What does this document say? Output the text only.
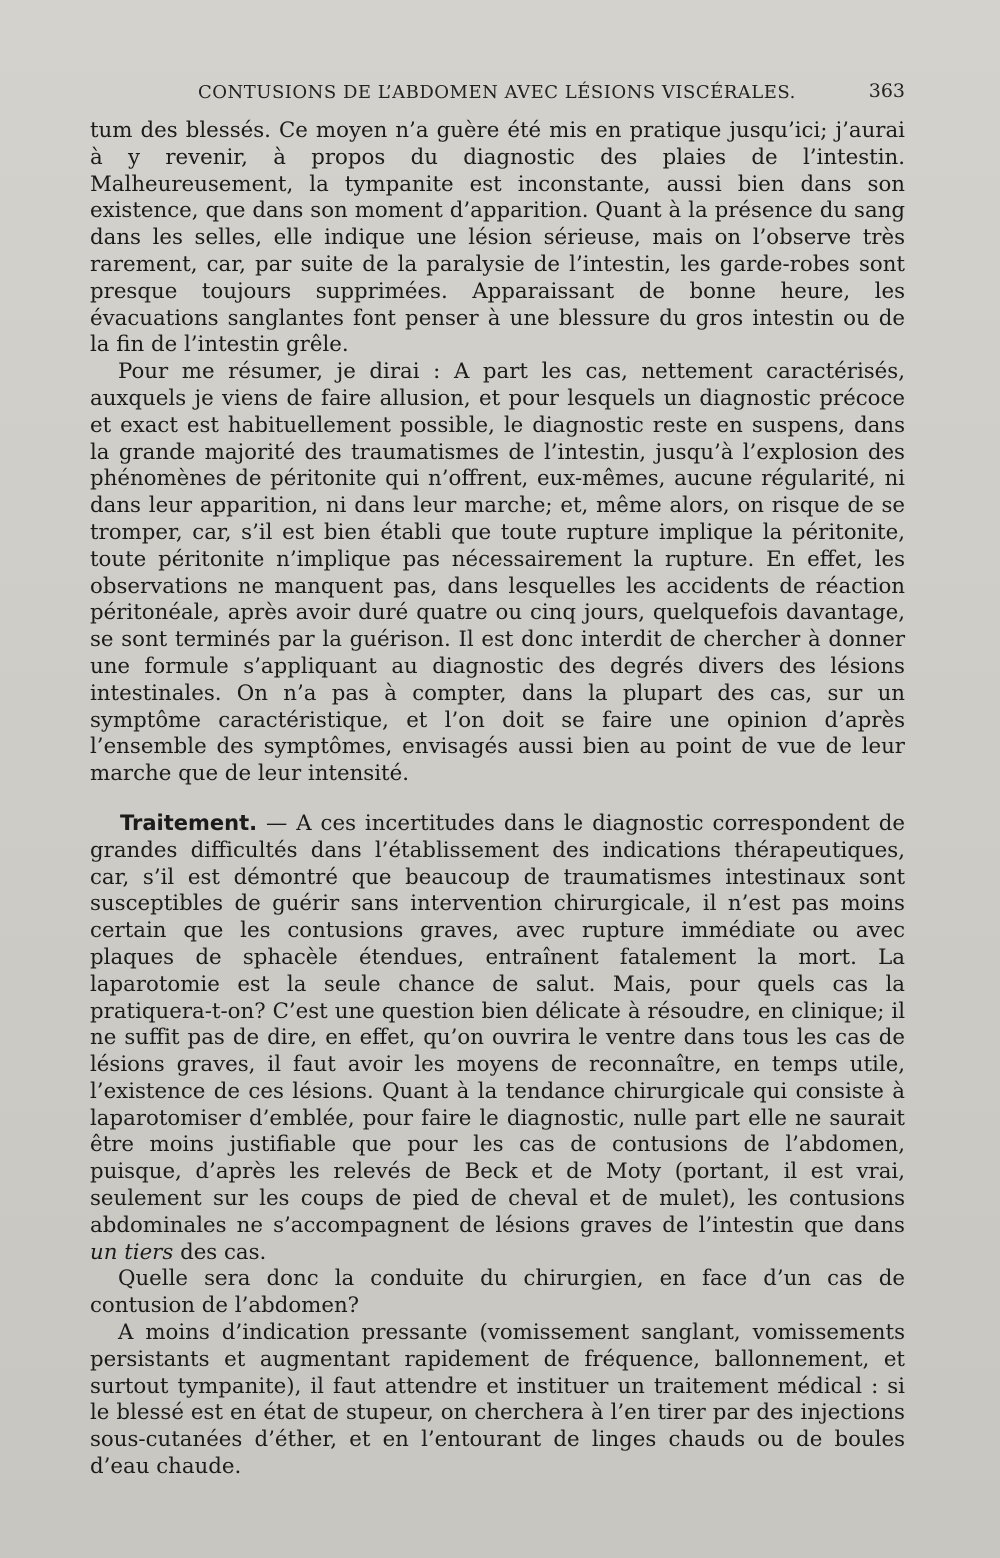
CONTUSIONS DE L’ABDOMEN AVEC LÉSIONS VISCÉRALES.	363

tum des blessés. Ce moyen n’a guère été mis en pratique jusqu’ici; j’aurai à y revenir, à propos du diagnostic des plaies de l’intestin. Malheureusement, la tympanite est inconstante, aussi bien dans son existence, que dans son moment d’apparition. Quant à la présence du sang dans les selles, elle indique une lésion sérieuse, mais on l’observe très rarement, car, par suite de la paralysie de l’intestin, les garde-robes sont presque toujours supprimées. Apparaissant de bonne heure, les évacuations sanglantes font penser à une blessure du gros intestin ou de la fin de l’intestin grêle.

Pour me résumer, je dirai : A part les cas, nettement caractérisés, auxquels je viens de faire allusion, et pour lesquels un diagnostic précoce et exact est habituellement possible, le diagnostic reste en suspens, dans la grande majorité des traumatismes de l’intestin, jusqu’à l’explosion des phénomènes de péritonite qui n’offrent, eux-mêmes, aucune régularité, ni dans leur apparition, ni dans leur marche; et, même alors, on risque de se tromper, car, s’il est bien établi que toute rupture implique la péritonite, toute péritonite n’implique pas nécessairement la rupture. En effet, les observations ne manquent pas, dans lesquelles les accidents de réaction péritonéale, après avoir duré quatre ou cinq jours, quelquefois davantage, se sont terminés par la guérison. Il est donc interdit de chercher à donner une formule s’appliquant au diagnostic des degrés divers des lésions intestinales. On n’a pas à compter, dans la plupart des cas, sur un symptôme caractéristique, et l’on doit se faire une opinion d’après l’ensemble des symptômes, envisagés aussi bien au point de vue de leur marche que de leur intensité.

Traitement. — A ces incertitudes dans le diagnostic correspondent de grandes difficultés dans l’établissement des indications thérapeutiques, car, s’il est démontré que beaucoup de traumatismes intestinaux sont susceptibles de guérir sans intervention chirurgicale, il n’est pas moins certain que les contusions graves, avec rupture immédiate ou avec plaques de sphacèle étendues, entraînent fatalement la mort. La laparotomie est la seule chance de salut. Mais, pour quels cas la pratiquera-t-on? C’est une question bien délicate à résoudre, en clinique; il ne suffit pas de dire, en effet, qu’on ouvrira le ventre dans tous les cas de lésions graves, il faut avoir les moyens de reconnaître, en temps utile, l’existence de ces lésions. Quant à la tendance chirurgicale qui consiste à laparotomiser d’emblée, pour faire le diagnostic, nulle part elle ne saurait être moins justifiable que pour les cas de contusions de l’abdomen, puisque, d’après les relevés de Beck et de Moty (portant, il est vrai, seulement sur les coups de pied de cheval et de mulet), les contusions abdominales ne s’accompagnent de lésions graves de l’intestin que dans un tiers des cas.

Quelle sera donc la conduite du chirurgien, en face d’un cas de contusion de l’abdomen?

A moins d’indication pressante (vomissement sanglant, vomissements persistants et augmentant rapidement de fréquence, ballonnement, et surtout tympanite), il faut attendre et instituer un traitement médical : si le blessé est en état de stupeur, on cherchera à l’en tirer par des injections sous-cutanées d’éther, et en l’entourant de linges chauds ou de boules d’eau chaude.
